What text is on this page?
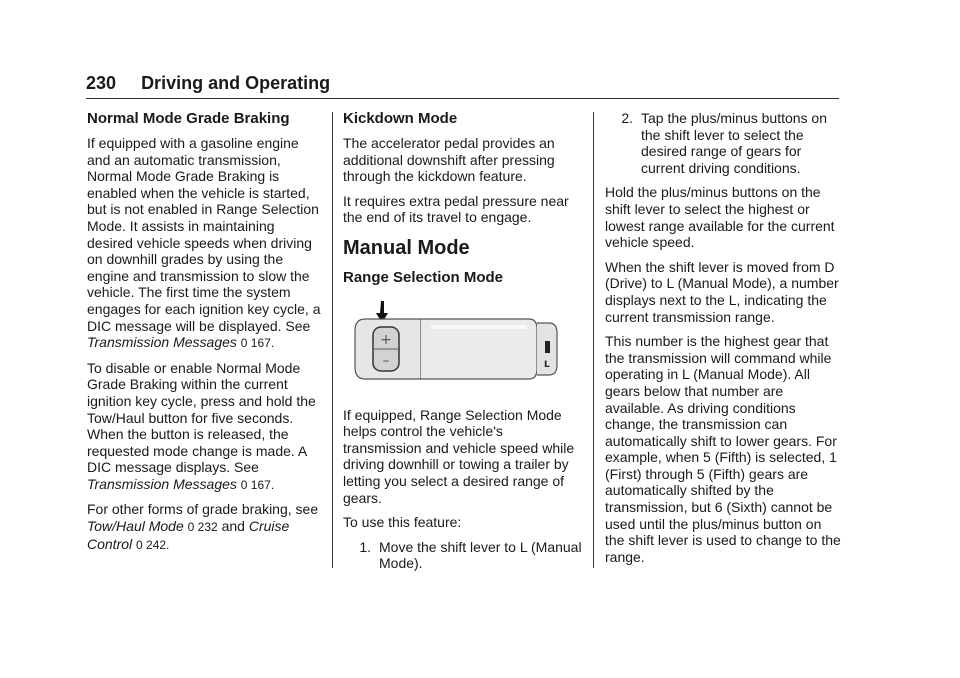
230 Driving and Operating
Normal Mode Grade Braking

If equipped with a gasoline engine and an automatic transmission, Normal Mode Grade Braking is enabled when the vehicle is started, but is not enabled in Range Selection Mode. It assists in maintaining desired vehicle speeds when driving on downhill grades by using the engine and transmission to slow the vehicle. The first time the system engages for each ignition key cycle, a DIC message will be displayed. See Transmission Messages 0 167.

To disable or enable Normal Mode Grade Braking within the current ignition key cycle, press and hold the Tow/Haul button for five seconds. When the button is released, the requested mode change is made. A DIC message displays. See Transmission Messages 0 167.

For other forms of grade braking, see Tow/Haul Mode 0 232 and Cruise Control 0 242.

Kickdown Mode

The accelerator pedal provides an additional downshift after pressing through the kickdown feature.

It requires extra pedal pressure near the end of its travel to engage.

Manual Mode
Range Selection Mode
+
–	L

If equipped, Range Selection Mode helps control the vehicle's transmission and vehicle speed while driving downhill or towing a trailer by letting you select a desired range of gears.

To use this feature:

1. Move the shift lever to L (Manual Mode).
2. Tap the plus/minus buttons on the shift lever to select the desired range of gears for current driving conditions.

Hold the plus/minus buttons on the shift lever to select the highest or lowest range available for the current vehicle speed.

When the shift lever is moved from D (Drive) to L (Manual Mode), a number displays next to the L, indicating the current transmission range.

This number is the highest gear that the transmission will command while operating in L (Manual Mode). All gears below that number are available. As driving conditions change, the transmission can automatically shift to lower gears. For example, when 5 (Fifth) is selected, 1 (First) through 5 (Fifth) gears are automatically shifted by the transmission, but 6 (Sixth) cannot be used until the plus/minus button on the shift lever is used to change to the range.
